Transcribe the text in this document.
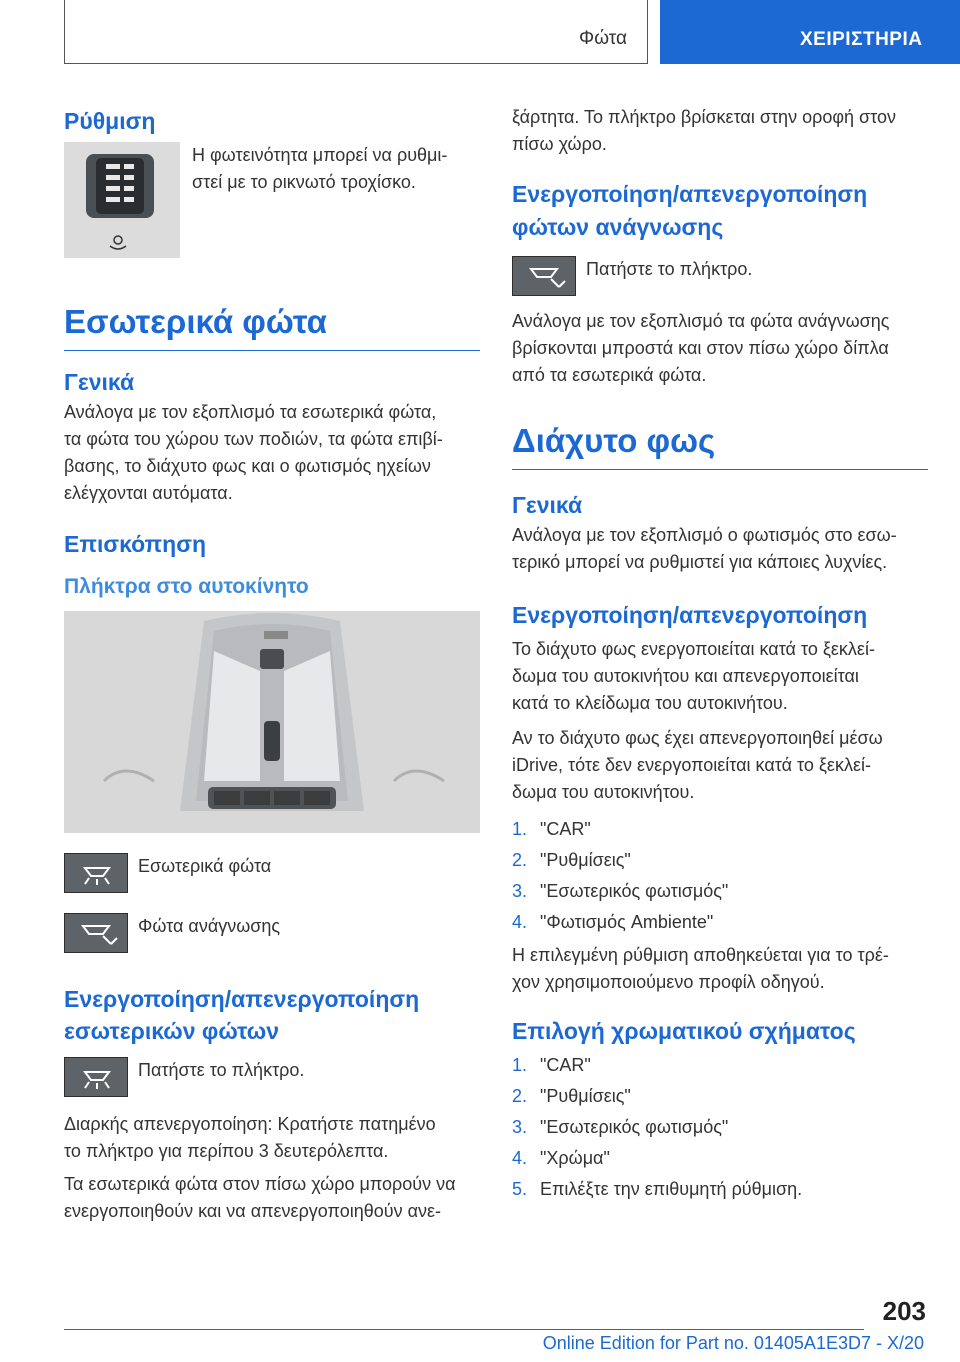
Φώτα	ΧΕΙΡΙΣΤΗΡΙΑ
Ρύθμιση
Η φωτεινότητα μπορεί να ρυθμι-
στεί με το ρικνωτό τροχίσκο.
Εσωτερικά φώτα
Γενικά

Ανάλογα με τον εξοπλισμό τα εσωτερικά φώτα,
τα φώτα του χώρου των ποδιών, τα φώτα επιβί-
βασης, το διάχυτο φως και ο φωτισμός ηχείων
ελέγχονται αυτόματα.

Επισκόπηση
Πλήκτρα στο αυτοκίνητο
Εσωτερικά φώτα
Φώτα ανάγνωσης
Ενεργοποίηση/απενεργοποίηση
εσωτερικών φώτων
Πατήστε το πλήκτρο.

Διαρκής απενεργοποίηση: Κρατήστε πατημένο
το πλήκτρο για περίπου 3 δευτερόλεπτα.

Τα εσωτερικά φώτα στον πίσω χώρο μπορούν να
ενεργοποιηθούν και να απενεργοποιηθούν ανε-

ξάρτητα. Το πλήκτρο βρίσκεται στην οροφή στον
πίσω χώρο.

Ενεργοποίηση/απενεργοποίηση
φώτων ανάγνωσης
Πατήστε το πλήκτρο.

Ανάλογα με τον εξοπλισμό τα φώτα ανάγνωσης
βρίσκονται μπροστά και στον πίσω χώρο δίπλα
από τα εσωτερικά φώτα.

Διάχυτο φως
Γενικά

Ανάλογα με τον εξοπλισμό ο φωτισμός στο εσω-
τερικό μπορεί να ρυθμιστεί για κάποιες λυχνίες.

Ενεργοποίηση/απενεργοποίηση

Το διάχυτο φως ενεργοποιείται κατά το ξεκλεί-
δωμα του αυτοκινήτου και απενεργοποιείται
κατά το κλείδωμα του αυτοκινήτου.

Αν το διάχυτο φως έχει απενεργοποιηθεί μέσω
iDrive, τότε δεν ενεργοποιείται κατά το ξεκλεί-
δωμα του αυτοκινήτου.

1. "CAR"
2. "Ρυθμίσεις"
3. "Εσωτερικός φωτισμός"
4. "Φωτισμός Ambiente"

Η επιλεγμένη ρύθμιση αποθηκεύεται για το τρέ-
χον χρησιμοποιούμενο προφίλ οδηγού.

Επιλογή χρωματικού σχήματος
1. "CAR"
2. "Ρυθμίσεις"
3. "Εσωτερικός φωτισμός"
4. "Χρώμα"
5. Επιλέξτε την επιθυμητή ρύθμιση.
203
Online Edition for Part no. 01405A1E3D7 - X/20
